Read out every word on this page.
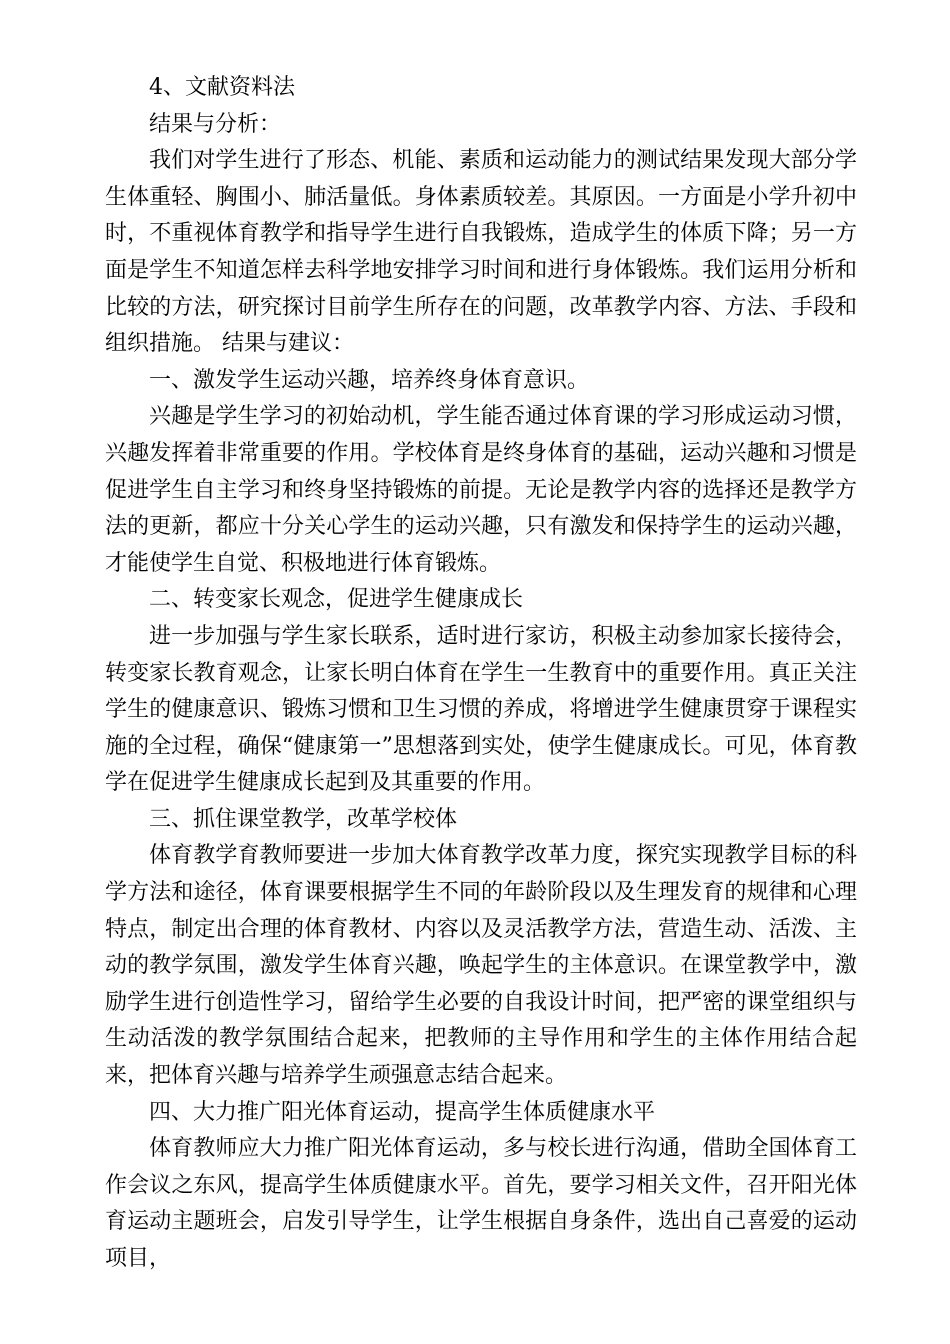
4、文献资料法

结果与分析：

我们对学生进行了形态、机能、素质和运动能力的测试结果发现大部分学生体重轻、胸围小、肺活量低。身体素质较差。其原因。一方面是小学升初中时，不重视体育教学和指导学生进行自我锻炼，造成学生的体质下降；另一方面是学生不知道怎样去科学地安排学习时间和进行身体锻炼。我们运用分析和比较的方法，研究探讨目前学生所存在的问题，改革教学内容、方法、手段和组织措施。 结果与建议：

一、激发学生运动兴趣，培养终身体育意识。

兴趣是学生学习的初始动机，学生能否通过体育课的学习形成运动习惯，兴趣发挥着非常重要的作用。学校体育是终身体育的基础，运动兴趣和习惯是促进学生自主学习和终身坚持锻炼的前提。无论是教学内容的选择还是教学方法的更新，都应十分关心学生的运动兴趣，只有激发和保持学生的运动兴趣，才能使学生自觉、积极地进行体育锻炼。

二、转变家长观念，促进学生健康成长

进一步加强与学生家长联系，适时进行家访，积极主动参加家长接待会，转变家长教育观念，让家长明白体育在学生一生教育中的重要作用。真正关注学生的健康意识、锻炼习惯和卫生习惯的养成，将增进学生健康贯穿于课程实施的全过程，确保“健康第一”思想落到实处，使学生健康成长。可见，体育教学在促进学生健康成长起到及其重要的作用。

三、抓住课堂教学，改革学校体

体育教学育教师要进一步加大体育教学改革力度，探究实现教学目标的科学方法和途径，体育课要根据学生不同的年龄阶段以及生理发育的规律和心理特点，制定出合理的体育教材、内容以及灵活教学方法，营造生动、活泼、主动的教学氛围，激发学生体育兴趣，唤起学生的主体意识。在课堂教学中，激励学生进行创造性学习，留给学生必要的自我设计时间，把严密的课堂组织与生动活泼的教学氛围结合起来，把教师的主导作用和学生的主体作用结合起来，把体育兴趣与培养学生顽强意志结合起来。

四、大力推广阳光体育运动，提高学生体质健康水平

体育教师应大力推广阳光体育运动，多与校长进行沟通，借助全国体育工作会议之东风，提高学生体质健康水平。首先，要学习相关文件，召开阳光体育运动主题班会，启发引导学生，让学生根据自身条件，选出自己喜爱的运动项目，
